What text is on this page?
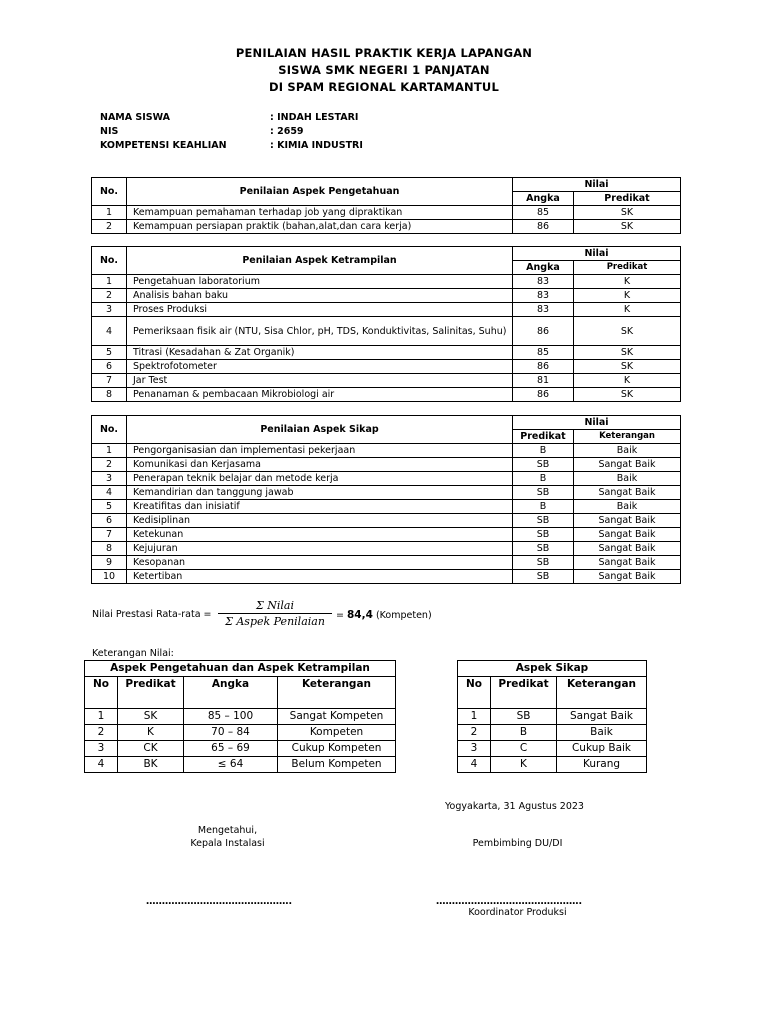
PENILAIAN HASIL PRAKTIK KERJA LAPANGAN
SISWA SMK NEGERI 1 PANJATAN
DI SPAM REGIONAL KARTAMANTUL
NAMA SISWA	: INDAH LESTARI
NIS	: 2659
KOMPETENSI KEAHLIAN	: KIMIA INDUSTRI
No.	Penilaian Aspek Pengetahuan	Nilai	
		Angka	Predikat
1	Kemampuan pemahaman terhadap job yang dipraktikan	85	SK
2	Kemampuan persiapan praktik (bahan,alat,dan cara kerja)	86	SK
No.	Penilaian Aspek Ketrampilan	Nilai	
		Angka	Predikat
1	Pengetahuan laboratorium	83	K
2	Analisis bahan baku	83	K
3	Proses Produksi	83	K
4	Pemeriksaan fisik air (NTU, Sisa Chlor, pH, TDS, Konduktivitas, Salinitas, Suhu)	86	SK
5	Titrasi (Kesadahan & Zat Organik)	85	SK
6	Spektrofotometer	86	SK
7	Jar Test	81	K
8	Penanaman & pembacaan Mikrobiologi air	86	SK
No.	Penilaian Aspek Sikap	Nilai	
		Predikat	Keterangan
1	Pengorganisasian dan implementasi pekerjaan	B	Baik
2	Komunikasi dan Kerjasama	SB	Sangat Baik
3	Penerapan teknik belajar dan metode kerja	B	Baik
4	Kemandirian dan tanggung jawab	SB	Sangat Baik
5	Kreatifitas dan inisiatif	B	Baik
6	Kedisiplinan	SB	Sangat Baik
7	Ketekunan	SB	Sangat Baik
8	Kejujuran	SB	Sangat Baik
9	Kesopanan	SB	Sangat Baik
10	Ketertiban	SB	Sangat Baik
Nilai Prestasi Rata-rata =
Σ Nilai
Σ Aspek Penilaian	= 84,4 (Kompeten)
Keterangan Nilai:
Aspek Pengetahuan dan Aspek Ketrampilan			
No	Predikat	Angka	Keterangan
1	SK	85 – 100	Sangat Kompeten
2	K	70 – 84	Kompeten
3	CK	65 – 69	Cukup Kompeten
4	BK	≤ 64	Belum Kompeten
Aspek Sikap		
No	Predikat	Keterangan
1	SB	Sangat Baik
2	B	Baik
3	C	Cukup Baik
4	K	Kurang
Yogyakarta, 31 Agustus 2023
Mengetahui,
Kepala Instalasi	Pembimbing DU/DI
……………………………………….	……………………………………….
Koordinator Produksi
